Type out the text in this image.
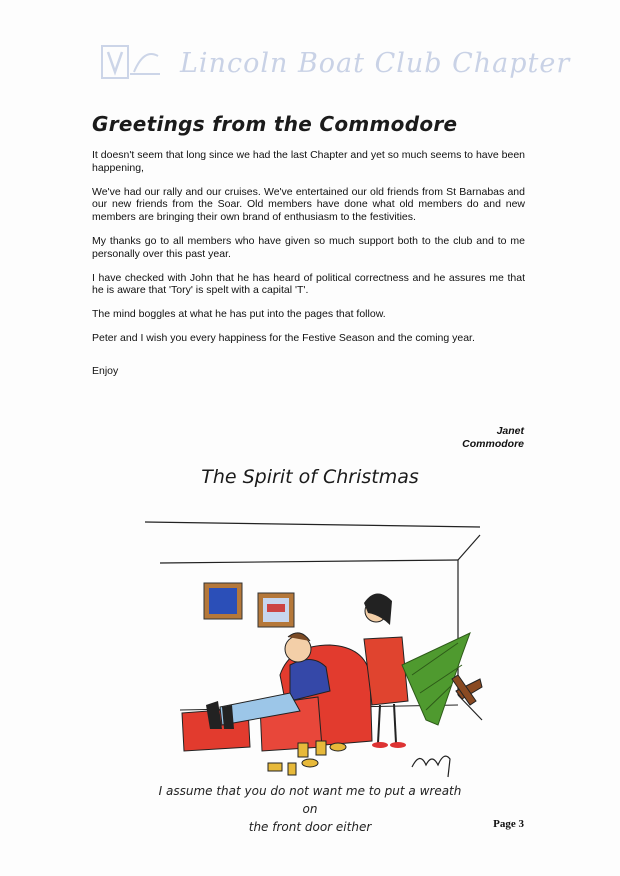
Lincoln Boat Club Chapter
Greetings from the Commodore

It doesn't seem that long since we had the last Chapter and yet so much seems to have been happening,

We've had our rally and our cruises. We've entertained our old friends from St Barnabas and our new friends from the Soar. Old members have done what old members do and new members are bringing their own brand of enthusiasm to the festivities.

My thanks go to all members who have given so much support both to the club and to me personally over this past year.

I have checked with John that he has heard of political correctness and he assures me that he is aware that 'Tory' is spelt with a capital 'T'.

The mind boggles at what he has put into the pages that follow.

Peter and I wish you every happiness for the Festive Season and the coming year.

Enjoy

Janet
Commodore
The Spirit of Christmas
I assume that you do not want me to put a wreath on
the front door either	Page 3
